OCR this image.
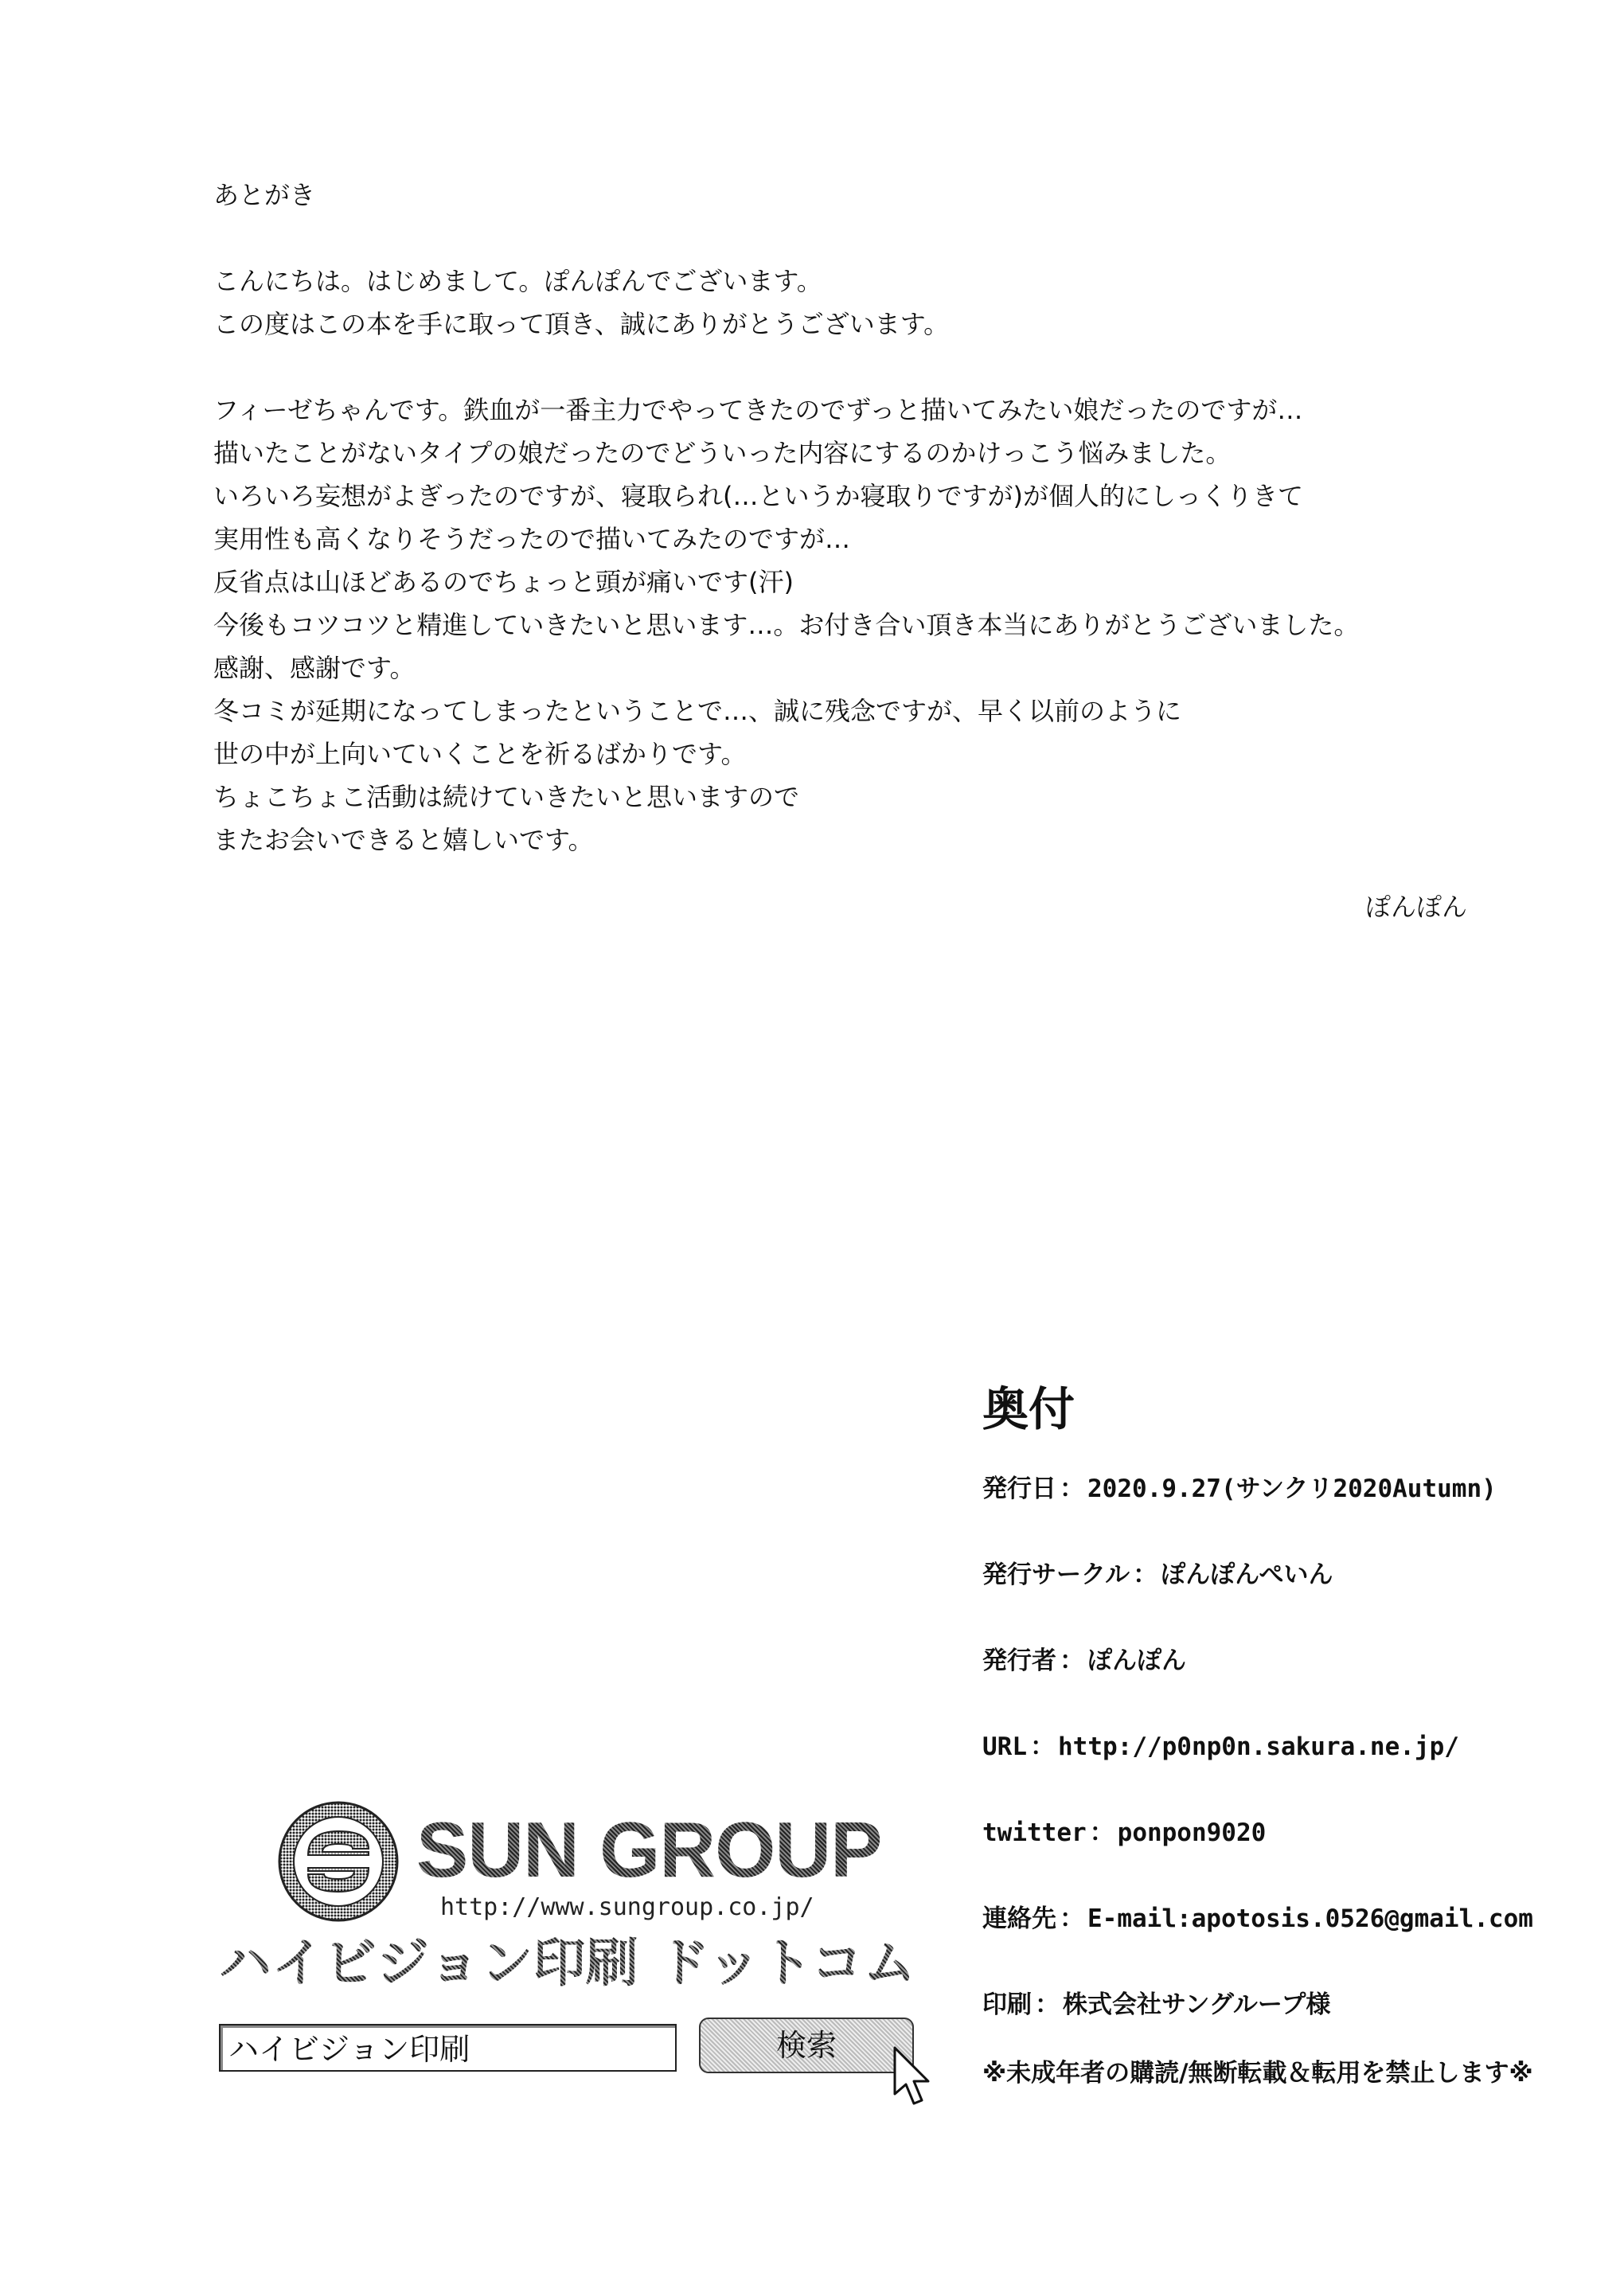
あとがき

こんにちは。はじめまして。ぽんぽんでございます。

この度はこの本を手に取って頂き、誠にありがとうございます。

フィーゼちゃんです。鉄血が一番主力でやってきたのでずっと描いてみたい娘だったのですが…

描いたことがないタイプの娘だったのでどういった内容にするのかけっこう悩みました。

いろいろ妄想がよぎったのですが、寝取られ(…というか寝取りですが)が個人的にしっくりきて

実用性も高くなりそうだったので描いてみたのですが…

反省点は山ほどあるのでちょっと頭が痛いです(汗)

今後もコツコツと精進していきたいと思います…。お付き合い頂き本当にありがとうございました。

感謝、感謝です。

冬コミが延期になってしまったということで…、誠に残念ですが、早く以前のように

世の中が上向いていくことを祈るばかりです。

ちょこちょこ活動は続けていきたいと思いますので

またお会いできると嬉しいです。

ぽんぽん

奥付

発行日 ： 2020.9.27(サンクリ2020Autumn)
発行サークル ： ぽんぽんぺいん
発行者 ： ぽんぽん
URL ： http://p0np0n.sakura.ne.jp/
twitter ： ponpon9020
連絡先 ： E-mail:apotosis.0526@gmail.com
印刷 ： 株式会社サングループ様
※未成年者の購読/無断転載＆転用を禁止します※
SUN GROUP
http://www.sungroup.co.jp/
ハイビジョン印刷 ドットコム
ハイビジョン印刷	検索
